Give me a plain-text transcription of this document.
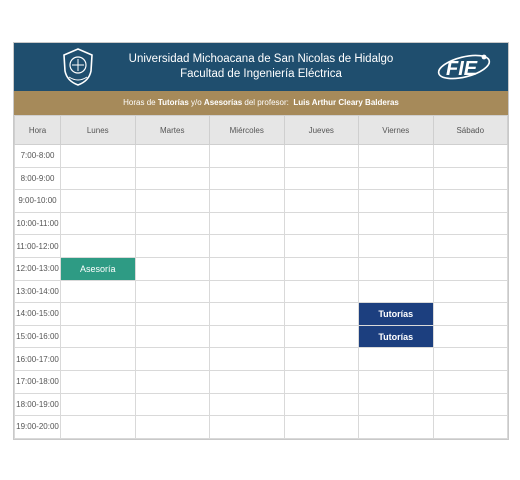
Universidad Michoacana de San Nicolas de Hidalgo
Facultad de Ingeniería Eléctrica	FIE
Horas de Tutorías y/o Asesorías del profesor: Luis Arthur Cleary Balderas
Hora	Lunes	Martes	Miércoles	Jueves	Viernes	Sábado
7:00-8:00						
8:00-9:00						
9:00-10:00						
10:00-11:00						
11:00-12:00						
12:00-13:00	Asesoría					
13:00-14:00						
14:00-15:00					Tutorías	
15:00-16:00					Tutorías	
16:00-17:00						
17:00-18:00						
18:00-19:00						
19:00-20:00						
